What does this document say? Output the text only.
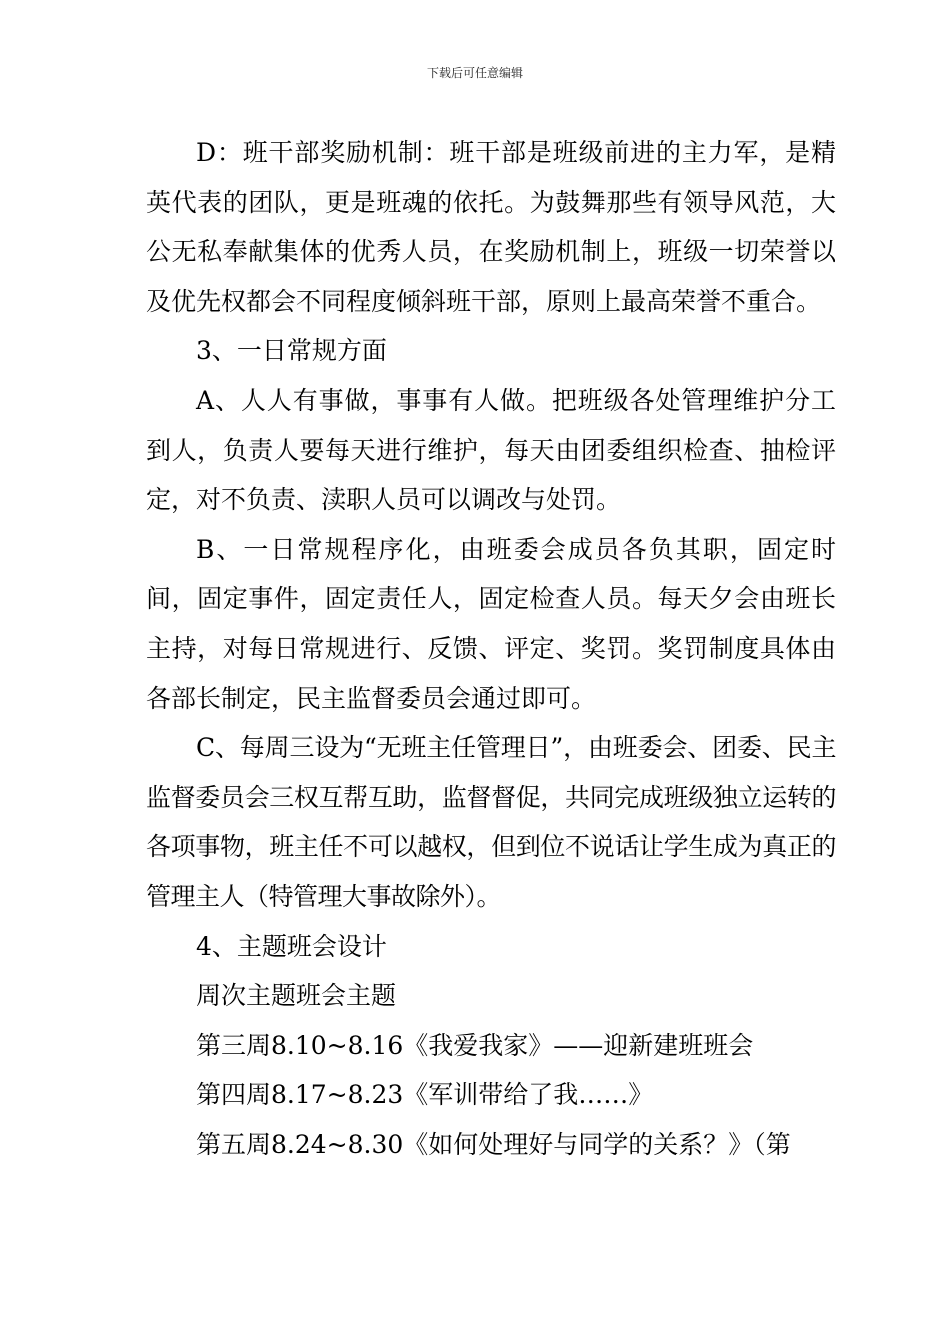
下载后可任意编辑

D：班干部奖励机制：班干部是班级前进的主力军，是精英代表的团队，更是班魂的依托。为鼓舞那些有领导风范，大公无私奉献集体的优秀人员，在奖励机制上，班级一切荣誉以及优先权都会不同程度倾斜班干部，原则上最高荣誉不重合。

3、一日常规方面

A、人人有事做，事事有人做。把班级各处管理维护分工到人，负责人要每天进行维护，每天由团委组织检查、抽检评定，对不负责、渎职人员可以调改与处罚。

B、一日常规程序化，由班委会成员各负其职，固定时间，固定事件，固定责任人，固定检查人员。每天夕会由班长主持，对每日常规进行、反馈、评定、奖罚。奖罚制度具体由各部长制定，民主监督委员会通过即可。

C、每周三设为“无班主任管理日”，由班委会、团委、民主监督委员会三权互帮互助，监督督促，共同完成班级独立运转的各项事物，班主任不可以越权，但到位不说话让学生成为真正的管理主人（特管理大事故除外）。

4、主题班会设计

周次主题班会主题

第三周8.10~8.16《我爱我家》——迎新建班班会

第四周8.17~8.23《军训带给了我……》

第五周8.24~8.30《如何处理好与同学的关系？》（第
